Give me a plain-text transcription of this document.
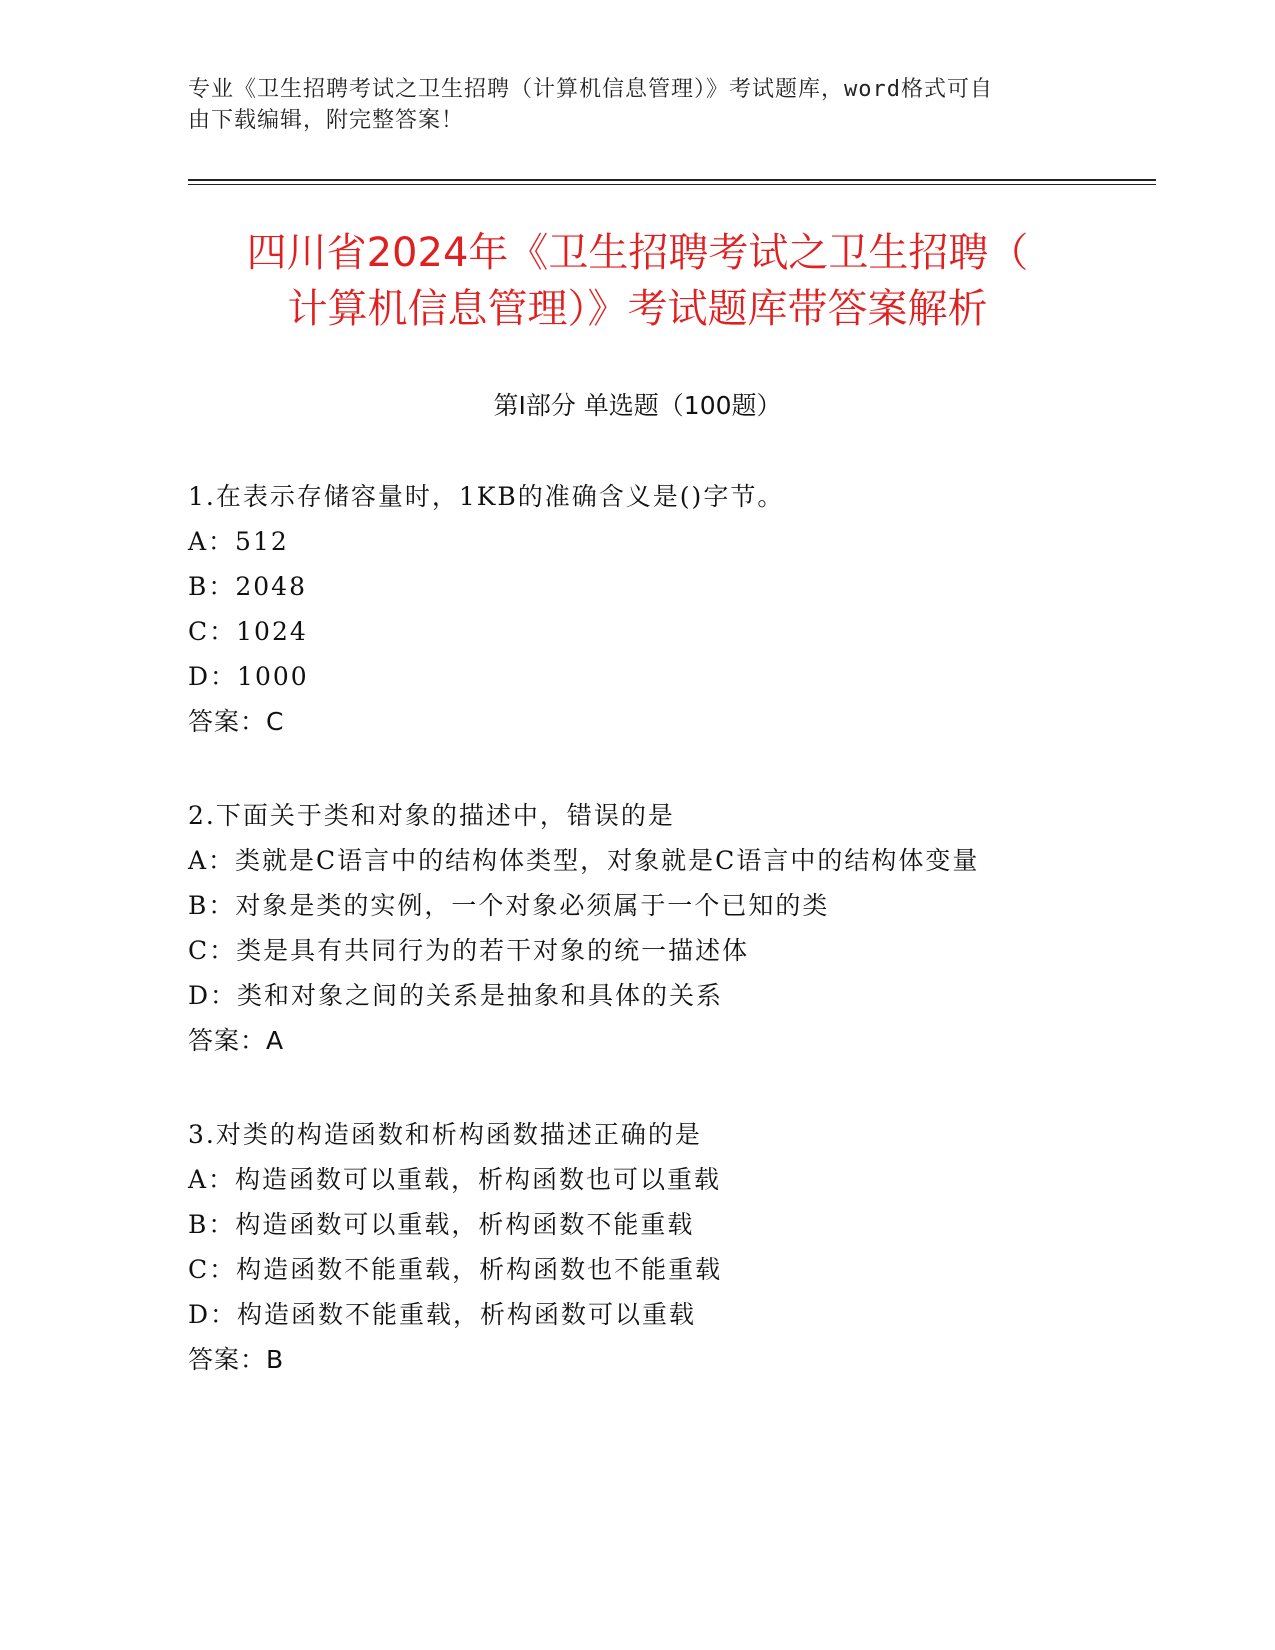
专业《卫生招聘考试之卫生招聘（计算机信息管理）》考试题库，word格式可自
由下载编辑，附完整答案！
四川省2024年《卫生招聘考试之卫生招聘（
计算机信息管理）》考试题库带答案解析
第Ⅰ部分 单选题（100题）
1.在表示存储容量时，1KB的准确含义是()字节。
A：512
B：2048
C：1024
D：1000
答案：C
2.下面关于类和对象的描述中，错误的是
A：类就是C语言中的结构体类型，对象就是C语言中的结构体变量
B：对象是类的实例，一个对象必须属于一个已知的类
C：类是具有共同行为的若干对象的统一描述体
D：类和对象之间的关系是抽象和具体的关系
答案：A
3.对类的构造函数和析构函数描述正确的是
A：构造函数可以重载，析构函数也可以重载
B：构造函数可以重载，析构函数不能重载
C：构造函数不能重载，析构函数也不能重载
D：构造函数不能重载，析构函数可以重载
答案：B
